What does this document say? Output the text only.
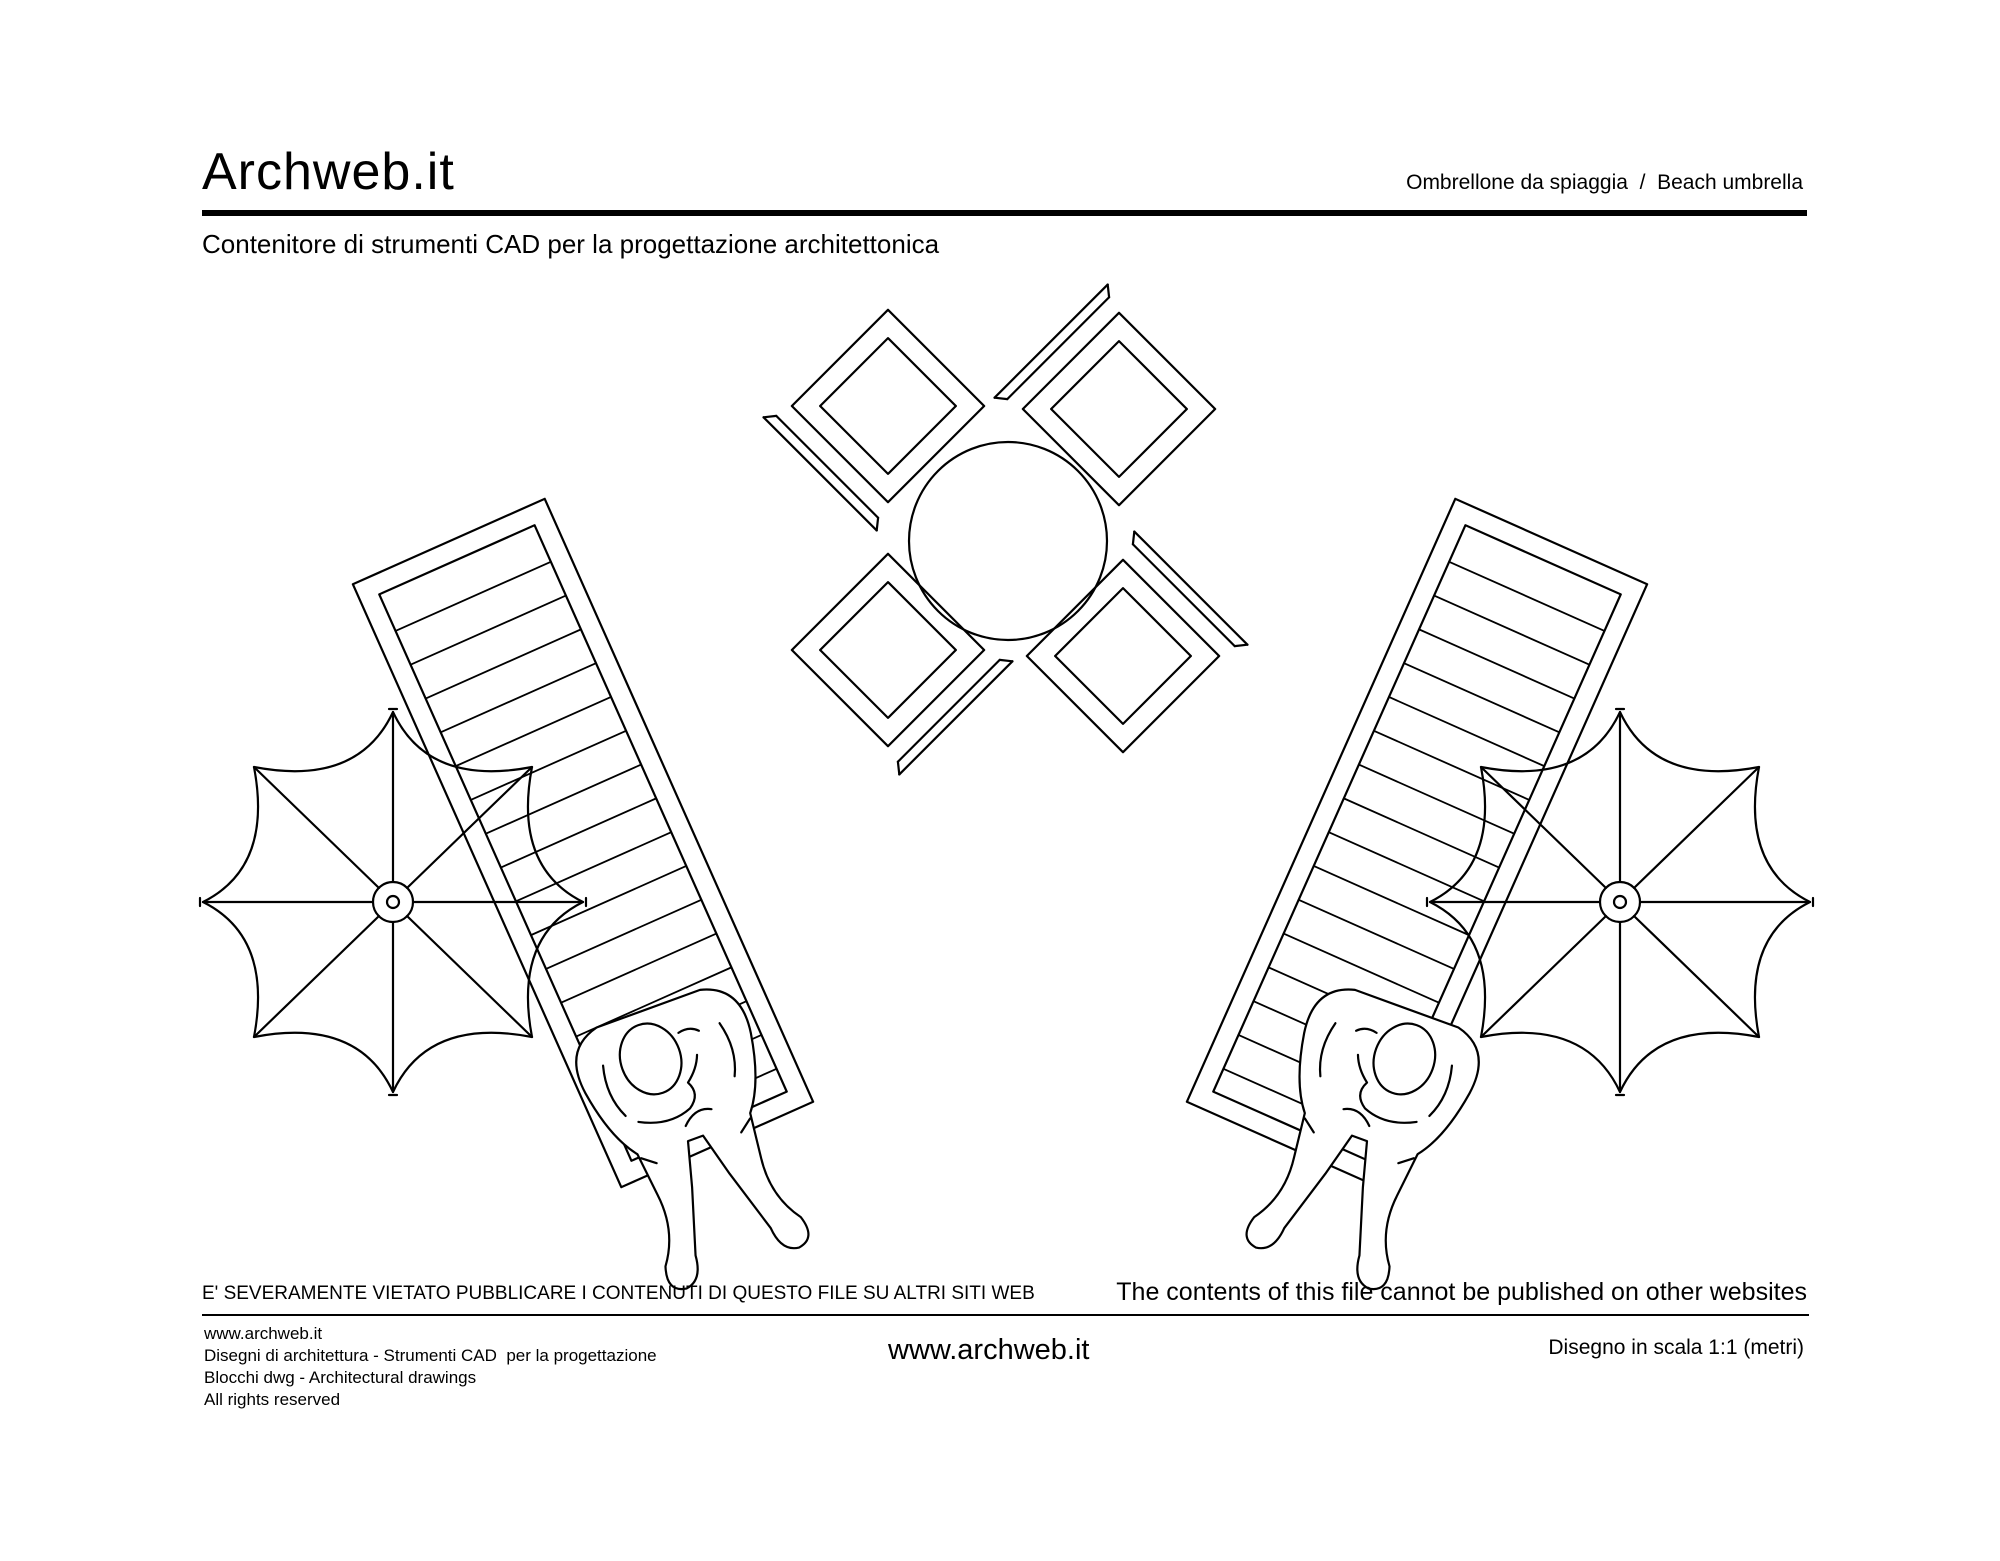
Archweb.it	Ombrellone da spiaggia  /  Beach umbrella
Contenitore di strumenti CAD per la progettazione architettonica
E' SEVERAMENTE VIETATO PUBBLICARE I CONTENUTI DI QUESTO FILE SU ALTRI SITI WEB	The contents of this file cannot be published on other websites
www.archweb.it
Disegni di architettura - Strumenti CAD  per la progettazione
Blocchi dwg - Architectural drawings
All rights reserved
www.archweb.it	Disegno in scala 1:1 (metri)
